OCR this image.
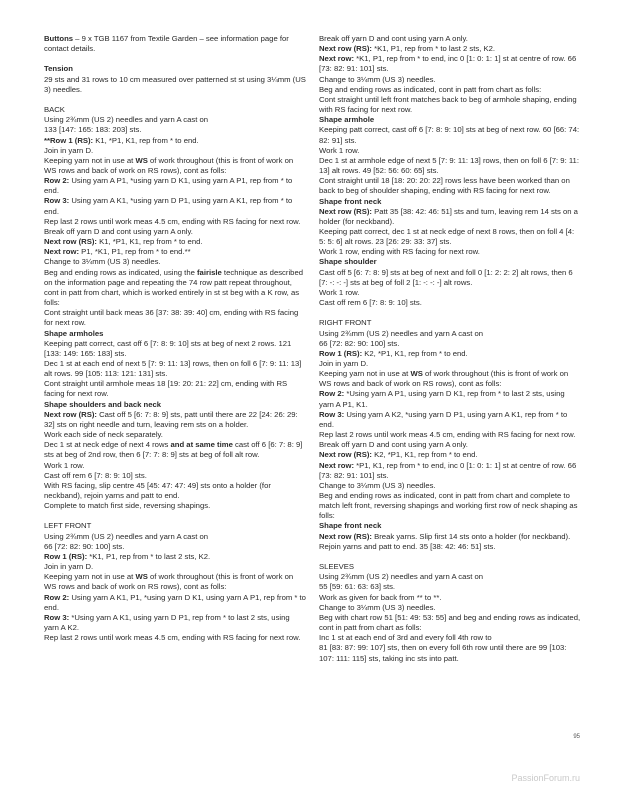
Buttons – 9 x TGB 1167 from Textile Garden – see information page for contact details.

Tension

29 sts and 31 rows to 10 cm measured over patterned st st using 3¼mm (US 3) needles.

BACK

Using 2¾mm (US 2) needles and yarn A cast on

133 [147: 165: 183: 203] sts.

**Row 1 (RS): K1, *P1, K1, rep from * to end.

Join in yarn D.

Keeping yarn not in use at WS of work throughout (this is front of work on WS rows and back of work on RS rows), cont as folls:

Row 2: Using yarn A P1, *using yarn D K1, using yarn A P1, rep from * to end.

Row 3: Using yarn A K1, *using yarn D P1, using yarn A K1, rep from * to end.

Rep last 2 rows until work meas 4.5 cm, ending with RS facing for next row.

Break off yarn D and cont using yarn A only.

Next row (RS): K1, *P1, K1, rep from * to end.

Next row: P1, *K1, P1, rep from * to end.**

Change to 3¼mm (US 3) needles.

Beg and ending rows as indicated, using the fairisle technique as described on the information page and repeating the 74 row patt repeat throughout, cont in patt from chart, which is worked entirely in st st beg with a K row, as folls:

Cont straight until back meas 36 [37: 38: 39: 40] cm, ending with RS facing for next row.

Shape armholes

Keeping patt correct, cast off 6 [7: 8: 9: 10] sts at beg of next 2 rows. 121 [133: 149: 165: 183] sts.

Dec 1 st at each end of next 5 [7: 9: 11: 13] rows, then on foll 6 [7: 9: 11: 13] alt rows. 99 [105: 113: 121: 131] sts.

Cont straight until armhole meas 18 [19: 20: 21: 22] cm, ending with RS facing for next row.

Shape shoulders and back neck

Next row (RS): Cast off 5 [6: 7: 8: 9] sts, patt until there are 22 [24: 26: 29: 32] sts on right needle and turn, leaving rem sts on a holder.

Work each side of neck separately.

Dec 1 st at neck edge of next 4 rows and at same time cast off 6 [6: 7: 8: 9] sts at beg of 2nd row, then 6 [7: 7: 8: 9] sts at beg of foll alt row.

Work 1 row.

Cast off rem 6 [7: 8: 9: 10] sts.

With RS facing, slip centre 45 [45: 47: 47: 49] sts onto a holder (for neckband), rejoin yarns and patt to end.

Complete to match first side, reversing shapings.

LEFT FRONT

Using 2¾mm (US 2) needles and yarn A cast on

66 [72: 82: 90: 100] sts.

Row 1 (RS): *K1, P1, rep from * to last 2 sts, K2.

Join in yarn D.

Keeping yarn not in use at WS of work throughout (this is front of work on WS rows and back of work on RS rows), cont as folls:

Row 2: Using yarn A K1, P1, *using yarn D K1, using yarn A P1, rep from * to end.

Row 3: *Using yarn A K1, using yarn D P1, rep from * to last 2 sts, using yarn A K2.

Rep last 2 rows until work meas 4.5 cm, ending with RS facing for next row.

Break off yarn D and cont using yarn A only.

Next row (RS): *K1, P1, rep from * to last 2 sts, K2.

Next row: *K1, P1, rep from * to end, inc 0 [1: 0: 1: 1] st at centre of row. 66 [73: 82: 91: 101] sts.

Change to 3¼mm (US 3) needles.

Beg and ending rows as indicated, cont in patt from chart as folls:

Cont straight until left front matches back to beg of armhole shaping, ending with RS facing for next row.

Shape armhole

Keeping patt correct, cast off 6 [7: 8: 9: 10] sts at beg of next row. 60 [66: 74: 82: 91] sts.

Work 1 row.

Dec 1 st at armhole edge of next 5 [7: 9: 11: 13] rows, then on foll 6 [7: 9: 11: 13] alt rows. 49 [52: 56: 60: 65] sts.

Cont straight until 18 [18: 20: 20: 22] rows less have been worked than on back to beg of shoulder shaping, ending with RS facing for next row.

Shape front neck

Next row (RS): Patt 35 [38: 42: 46: 51] sts and turn, leaving rem 14 sts on a holder (for neckband).

Keeping patt correct, dec 1 st at neck edge of next 8 rows, then on foll 4 [4: 5: 5: 6] alt rows. 23 [26: 29: 33: 37] sts.

Work 1 row, ending with RS facing for next row.

Shape shoulder

Cast off 5 [6: 7: 8: 9] sts at beg of next and foll 0 [1: 2: 2: 2] alt rows, then 6 [7: -: -: -] sts at beg of foll 2 [1: -: -: -] alt rows.

Work 1 row.

Cast off rem 6 [7: 8: 9: 10] sts.

RIGHT FRONT

Using 2¾mm (US 2) needles and yarn A cast on

66 [72: 82: 90: 100] sts.

Row 1 (RS): K2, *P1, K1, rep from * to end.

Join in yarn D.

Keeping yarn not in use at WS of work throughout (this is front of work on WS rows and back of work on RS rows), cont as folls:

Row 2: *Using yarn A P1, using yarn D K1, rep from * to last 2 sts, using yarn A P1, K1.

Row 3: Using yarn A K2, *using yarn D P1, using yarn A K1, rep from * to end.

Rep last 2 rows until work meas 4.5 cm, ending with RS facing for next row.

Break off yarn D and cont using yarn A only.

Next row (RS): K2, *P1, K1, rep from * to end.

Next row: *P1, K1, rep from * to end, inc 0 [1: 0: 1: 1] st at centre of row. 66 [73: 82: 91: 101] sts.

Change to 3¼mm (US 3) needles.

Beg and ending rows as indicated, cont in patt from chart and complete to match left front, reversing shapings and working first row of neck shaping as folls:

Shape front neck

Next row (RS): Break yarns. Slip first 14 sts onto a holder (for neckband). Rejoin yarns and patt to end. 35 [38: 42: 46: 51] sts.

SLEEVES

Using 2¾mm (US 2) needles and yarn A cast on

55 [59: 61: 63: 63] sts.

Work as given for back from ** to **.

Change to 3¼mm (US 3) needles.

Beg with chart row 51 [51: 49: 53: 55] and beg and ending rows as indicated, cont in patt from chart as folls:

Inc 1 st at each end of 3rd and every foll 4th row to

81 [83: 87: 99: 107] sts, then on every foll 6th row until there are 99 [103: 107: 111: 115] sts, taking inc sts into patt.

95
PassionForum.ru
